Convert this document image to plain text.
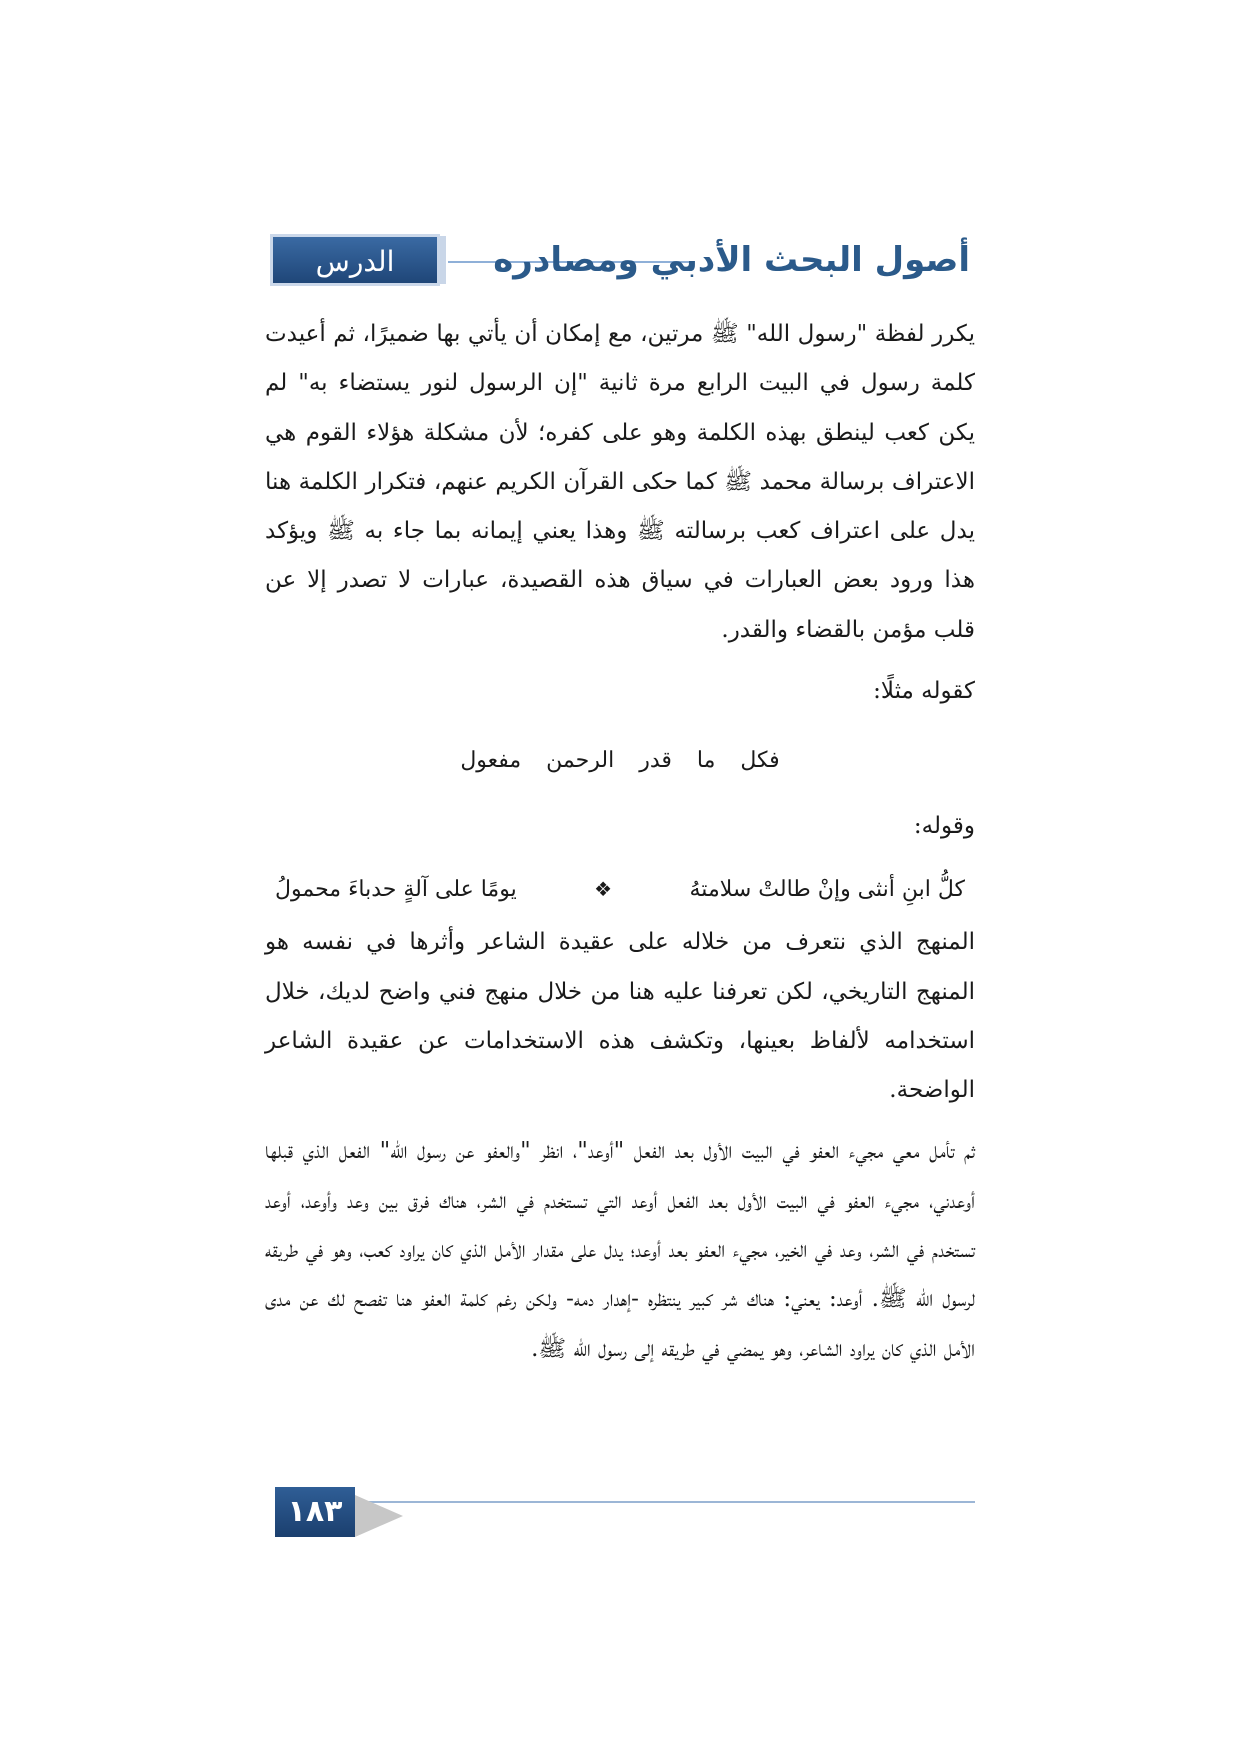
الدرس العاشر
أصول البحث الأدبي ومصادره

يكرر لفظة "رسول الله" ﷺ مرتين، مع إمكان أن يأتي بها ضميرًا، ثم أعيدت كلمة رسول في البيت الرابع مرة ثانية "إن الرسول لنور يستضاء به" لم يكن كعب لينطق بهذه الكلمة وهو على كفره؛ لأن مشكلة هؤلاء القوم هي الاعتراف برسالة محمد ﷺ كما حكى القرآن الكريم عنهم، فتكرار الكلمة هنا يدل على اعتراف كعب برسالته ﷺ وهذا يعني إيمانه بما جاء به ﷺ ويؤكد هذا ورود بعض العبارات في سياق هذه القصيدة، عبارات لا تصدر إلا عن قلب مؤمن بالقضاء والقدر.

كقوله مثلًا:

فكل ما قدر الرحمن مفعول

وقوله:

كلُّ ابنِ أنثى وإنْ طالتْ سلامتهُ
❖
يومًا على آلةٍ حدباءَ محمولُ

المنهج الذي نتعرف من خلاله على عقيدة الشاعر وأثرها في نفسه هو المنهج التاريخي، لكن تعرفنا عليه هنا من خلال منهج فني واضح لديك، خلال استخدامه لألفاظ بعينها، وتكشف هذه الاستخدامات عن عقيدة الشاعر الواضحة.

ثم تأمل معي مجيء العفو في البيت الأول بعد الفعل "أوعد"، انظر "والعفو عن رسول الله" الفعل الذي قبلها أوعدني، مجيء العفو في البيت الأول بعد الفعل أوعد التي تستخدم في الشر، هناك فرق بين وعد وأوعد، أوعد تستخدم في الشر، وعد في الخير، مجيء العفو بعد أوعد؛ يدل على مقدار الأمل الذي كان يراود كعب، وهو في طريقه لرسول الله ﷺ. أوعد: يعني: هناك شر كبير ينتظره -إهدار دمه- ولكن رغم كلمة العفو هنا تفصح لك عن مدى الأمل الذي كان يراود الشاعر، وهو يمضي في طريقه إلى رسول الله ﷺ.

١٨٣
